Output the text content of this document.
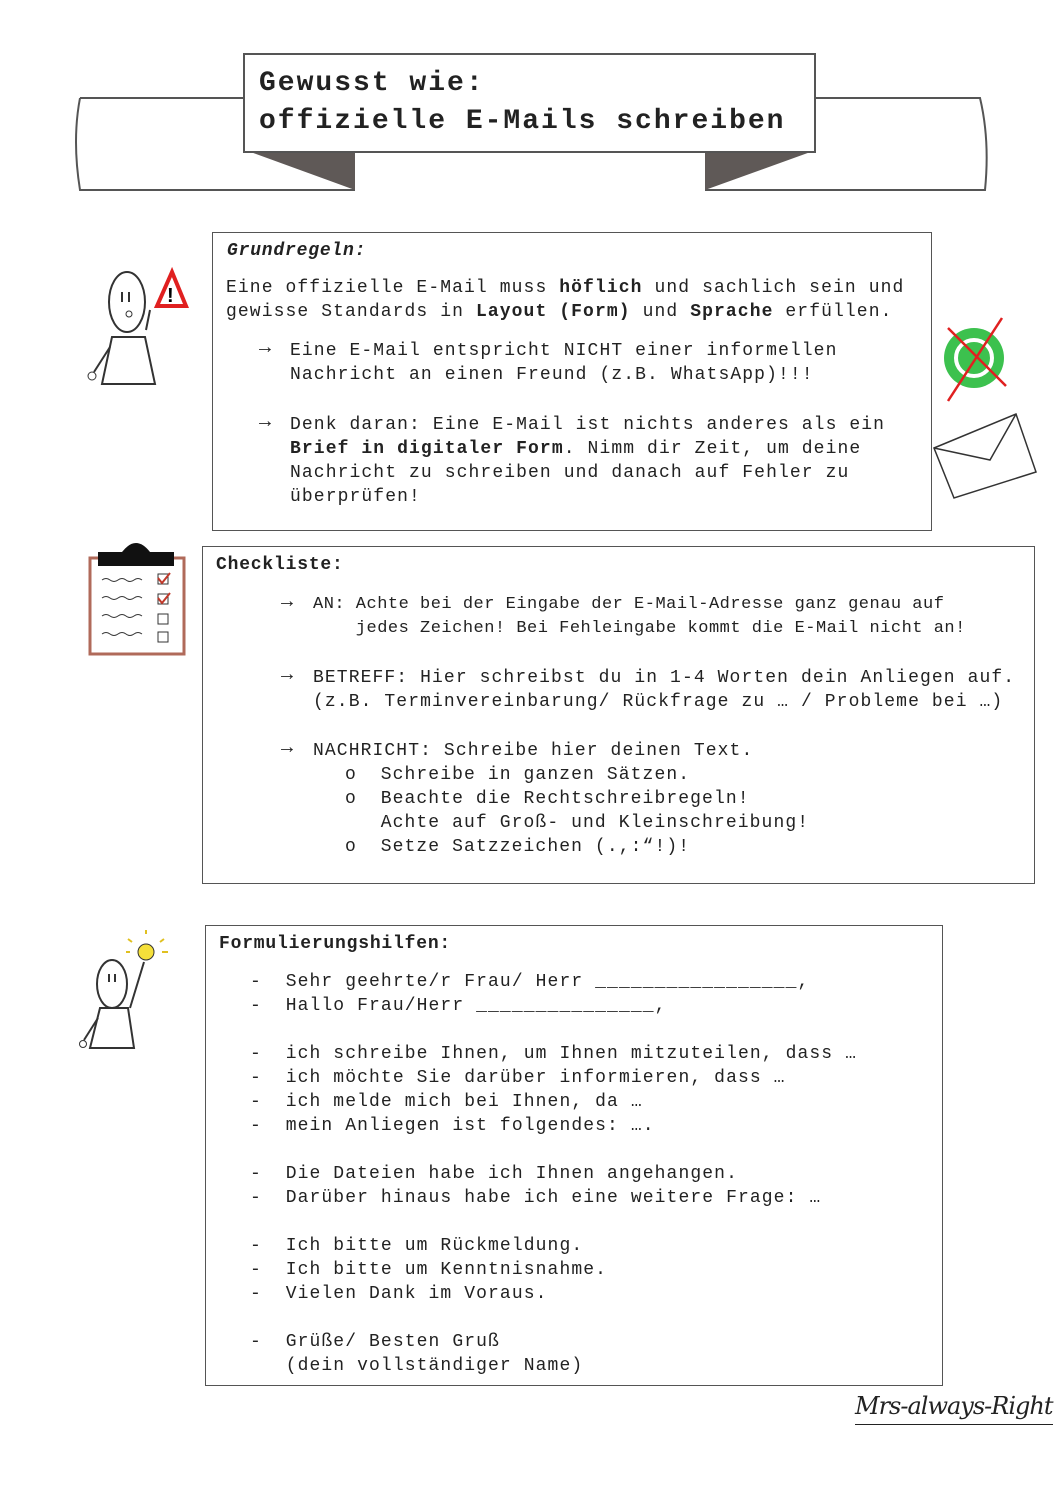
Gewusst wie:
offizielle E-Mails schreiben
!
Grundregeln:
Eine offizielle E-Mail muss höflich und sachlich sein und
gewisse Standards in Layout (Form) und Sprache erfüllen.
→ Eine E-Mail entspricht NICHT einer informellen
Nachricht an einen Freund (z.B. WhatsApp)!!!
→ Denk daran: Eine E-Mail ist nichts anderes als ein
Brief in digitaler Form. Nimm dir Zeit, um deine
Nachricht zu schreiben und danach auf Fehler zu
überprüfen!
Checkliste:
→ AN: Achte bei der Eingabe der E-Mail-Adresse ganz genau auf
jedes Zeichen! Bei Fehleingabe kommt die E-Mail nicht an!
→ BETREFF: Hier schreibst du in 1-4 Worten dein Anliegen auf.
(z.B. Terminvereinbarung/ Rückfrage zu … / Probleme bei …)
→ NACHRICHT: Schreibe hier deinen Text.
o  Schreibe in ganzen Sätzen.
o  Beachte die Rechtschreibregeln!
Achte auf Groß- und Kleinschreibung!
o  Setze Satzzeichen (.,:“!)!
Formulierungshilfen:
-  Sehr geehrte/r Frau/ Herr _________________,
-  Hallo Frau/Herr _______________,

-  ich schreibe Ihnen, um Ihnen mitzuteilen, dass …
-  ich möchte Sie darüber informieren, dass …
-  ich melde mich bei Ihnen, da …
-  mein Anliegen ist folgendes: ….

-  Die Dateien habe ich Ihnen angehangen.
-  Darüber hinaus habe ich eine weitere Frage: …

-  Ich bitte um Rückmeldung.
-  Ich bitte um Kenntnisnahme.
-  Vielen Dank im Voraus.

-  Grüße/ Besten Gruß
(dein vollständiger Name)
Mrs-always-Right
